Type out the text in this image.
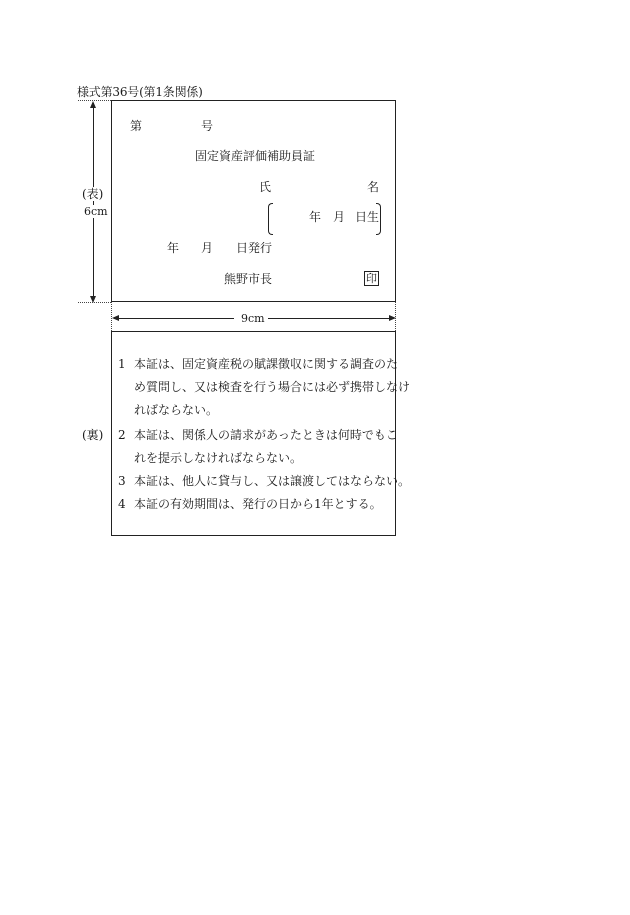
様式第36号(第1条関係)
(表)
6cm
第	号
固定資産評価補助員証
氏	名
年 月 日生
年 月 日発行
熊野市長	印
9cm
(裏)
1 本証は、固定資産税の賦課徴収に関する調査のた
め質問し、又は検査を行う場合には必ず携帯しなけ
ればならない。
2 本証は、関係人の請求があったときは何時でもこ
れを提示しなければならない。
3 本証は、他人に貸与し、又は譲渡してはならない。
4 本証の有効期間は、発行の日から1年とする。
